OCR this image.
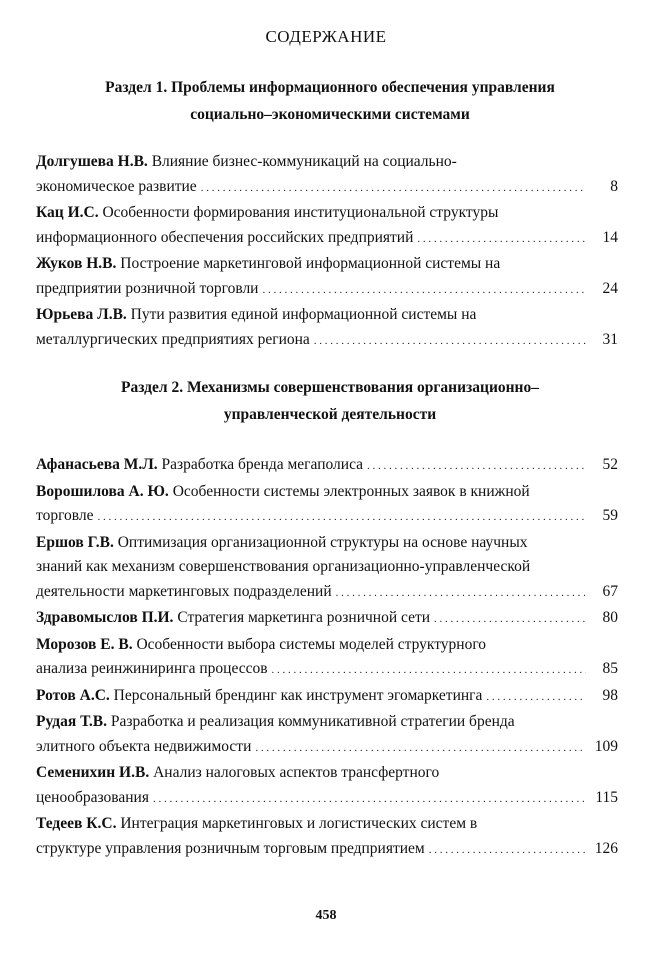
СОДЕРЖАНИЕ
Раздел 1. Проблемы информационного обеспечения управления
социально–экономическими системами
Долгушева Н.В. Влияние бизнес-коммуникаций на социально-
экономическое развитие . . .	8
Кац И.С. Особенности формирования институциональной структуры
информационного обеспечения российских предприятий . . .	14
Жуков Н.В. Построение маркетинговой информационной системы на
предприятии розничной торговли . . .	24
Юрьева Л.В. Пути развития единой информационной системы на
металлургических предприятиях региона . . .	31
Раздел 2. Механизмы совершенствования организационно–
управленческой деятельности
Афанасьева М.Л. Разработка бренда мегаполиса . . .	52
Ворошилова А. Ю. Особенности системы электронных заявок в книжной
торговле . . .	59
Ершов Г.В. Оптимизация организационной структуры на основе научных
знаний как механизм совершенствования организационно-управленческой
деятельности маркетинговых подразделений . . .	67
Здравомыслов П.И. Стратегия маркетинга розничной сети . . .	80
Морозов Е. В. Особенности выбора системы моделей структурного
анализа реинжиниринга процессов . . .	85
Ротов А.С. Персональный брендинг как инструмент эгомаркетинга . . .	98
Рудая Т.В. Разработка и реализация коммуникативной стратегии бренда
элитного объекта недвижимости . . .	109
Семенихин И.В. Анализ налоговых аспектов трансфертного
ценообразования . . .	115
Тедеев К.С. Интеграция маркетинговых и логистических систем в
структуре управления розничным торговым предприятием . . .	126
458
